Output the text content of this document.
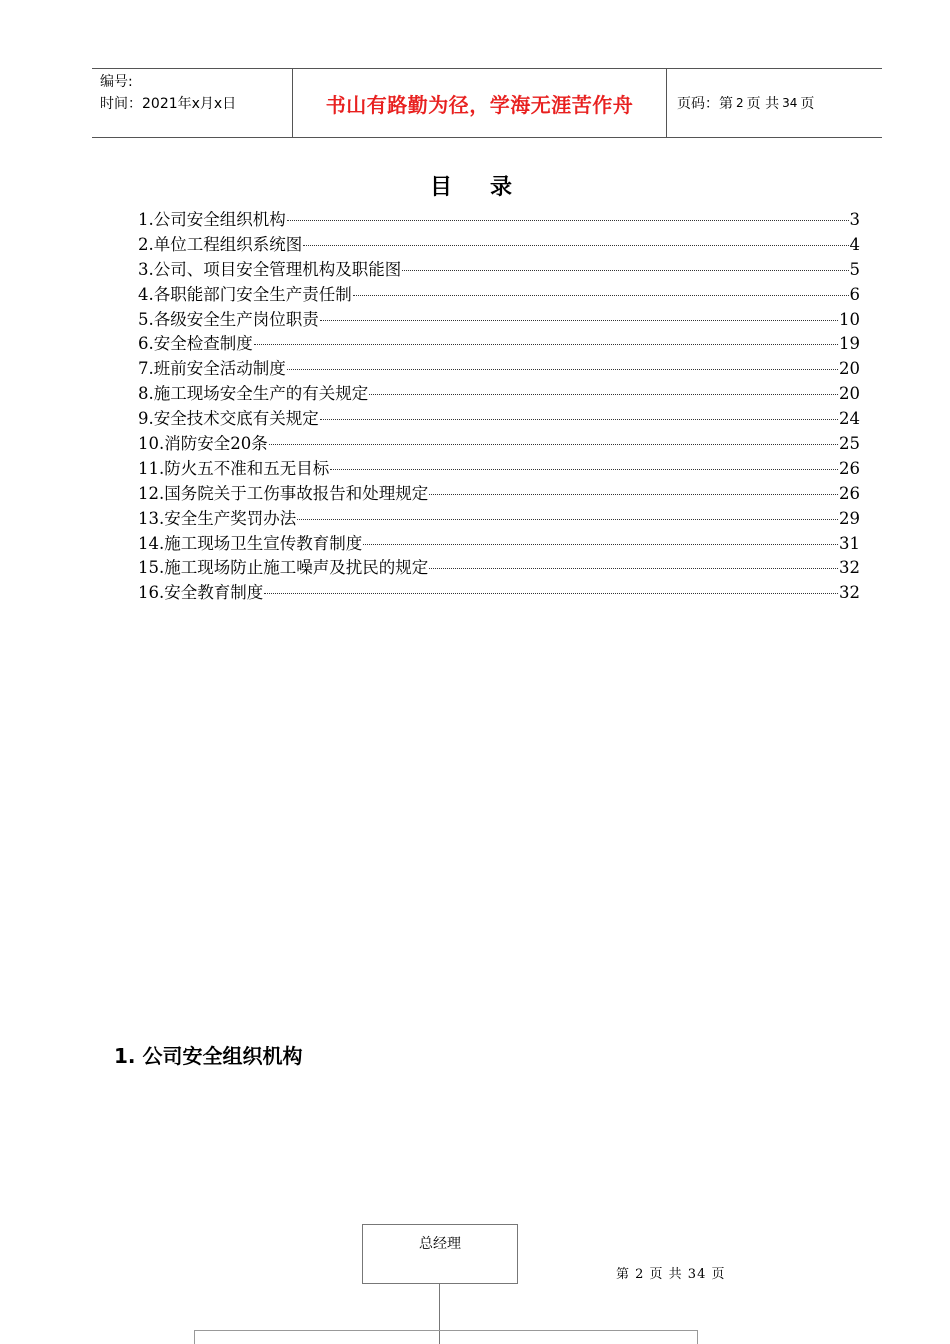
编号:
时间：2021年x月x日	书山有路勤为径，学海无涯苦作舟	页码：第 2 页 共 34 页
目录
1.公司安全组织机构	3
2.单位工程组织系统图	4
3.公司、项目安全管理机构及职能图	5
4.各职能部门安全生产责任制	6
5.各级安全生产岗位职责	10
6.安全检查制度	19
7.班前安全活动制度	20
8.施工现场安全生产的有关规定	20
9.安全技术交底有关规定	24
10.消防安全20条	25
11.防火五不准和五无目标	26
12.国务院关于工伤事故报告和处理规定	26
13.安全生产奖罚办法	29
14.施工现场卫生宣传教育制度	31
15.施工现场防止施工噪声及扰民的规定	32
16.安全教育制度	32
1. 公司安全组织机构
总经理
第 2 页 共 34 页
